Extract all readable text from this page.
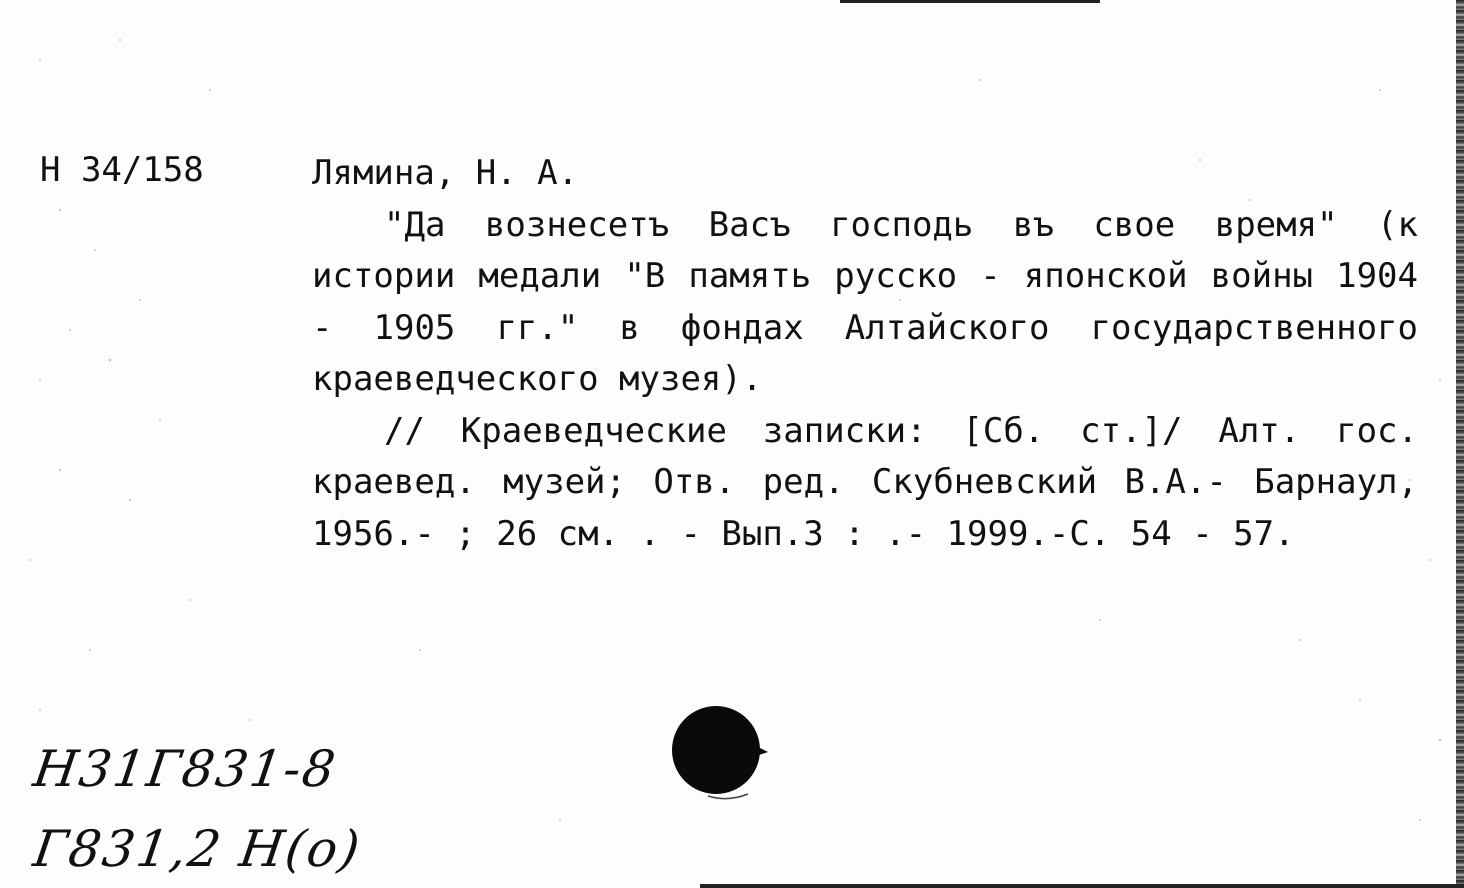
Н 34/158	Лямина, Н. А.

"Да вознесетъ Васъ господь въ свое время" (к истории медали "В память русско - японской войны 1904 - 1905 гг." в фондах Алтайского государственного краеведческого музея).

// Краеведческие записки: [Сб. ст.]/ Алт. гос. краевед. музей; Отв. ред. Скубневский В.А.- Барнаул, 1956.- ; 26 см. . - Вып.3 : .- 1999.-С. 54 - 57.

Н31Г831-8
Г831,2 Н(о)
